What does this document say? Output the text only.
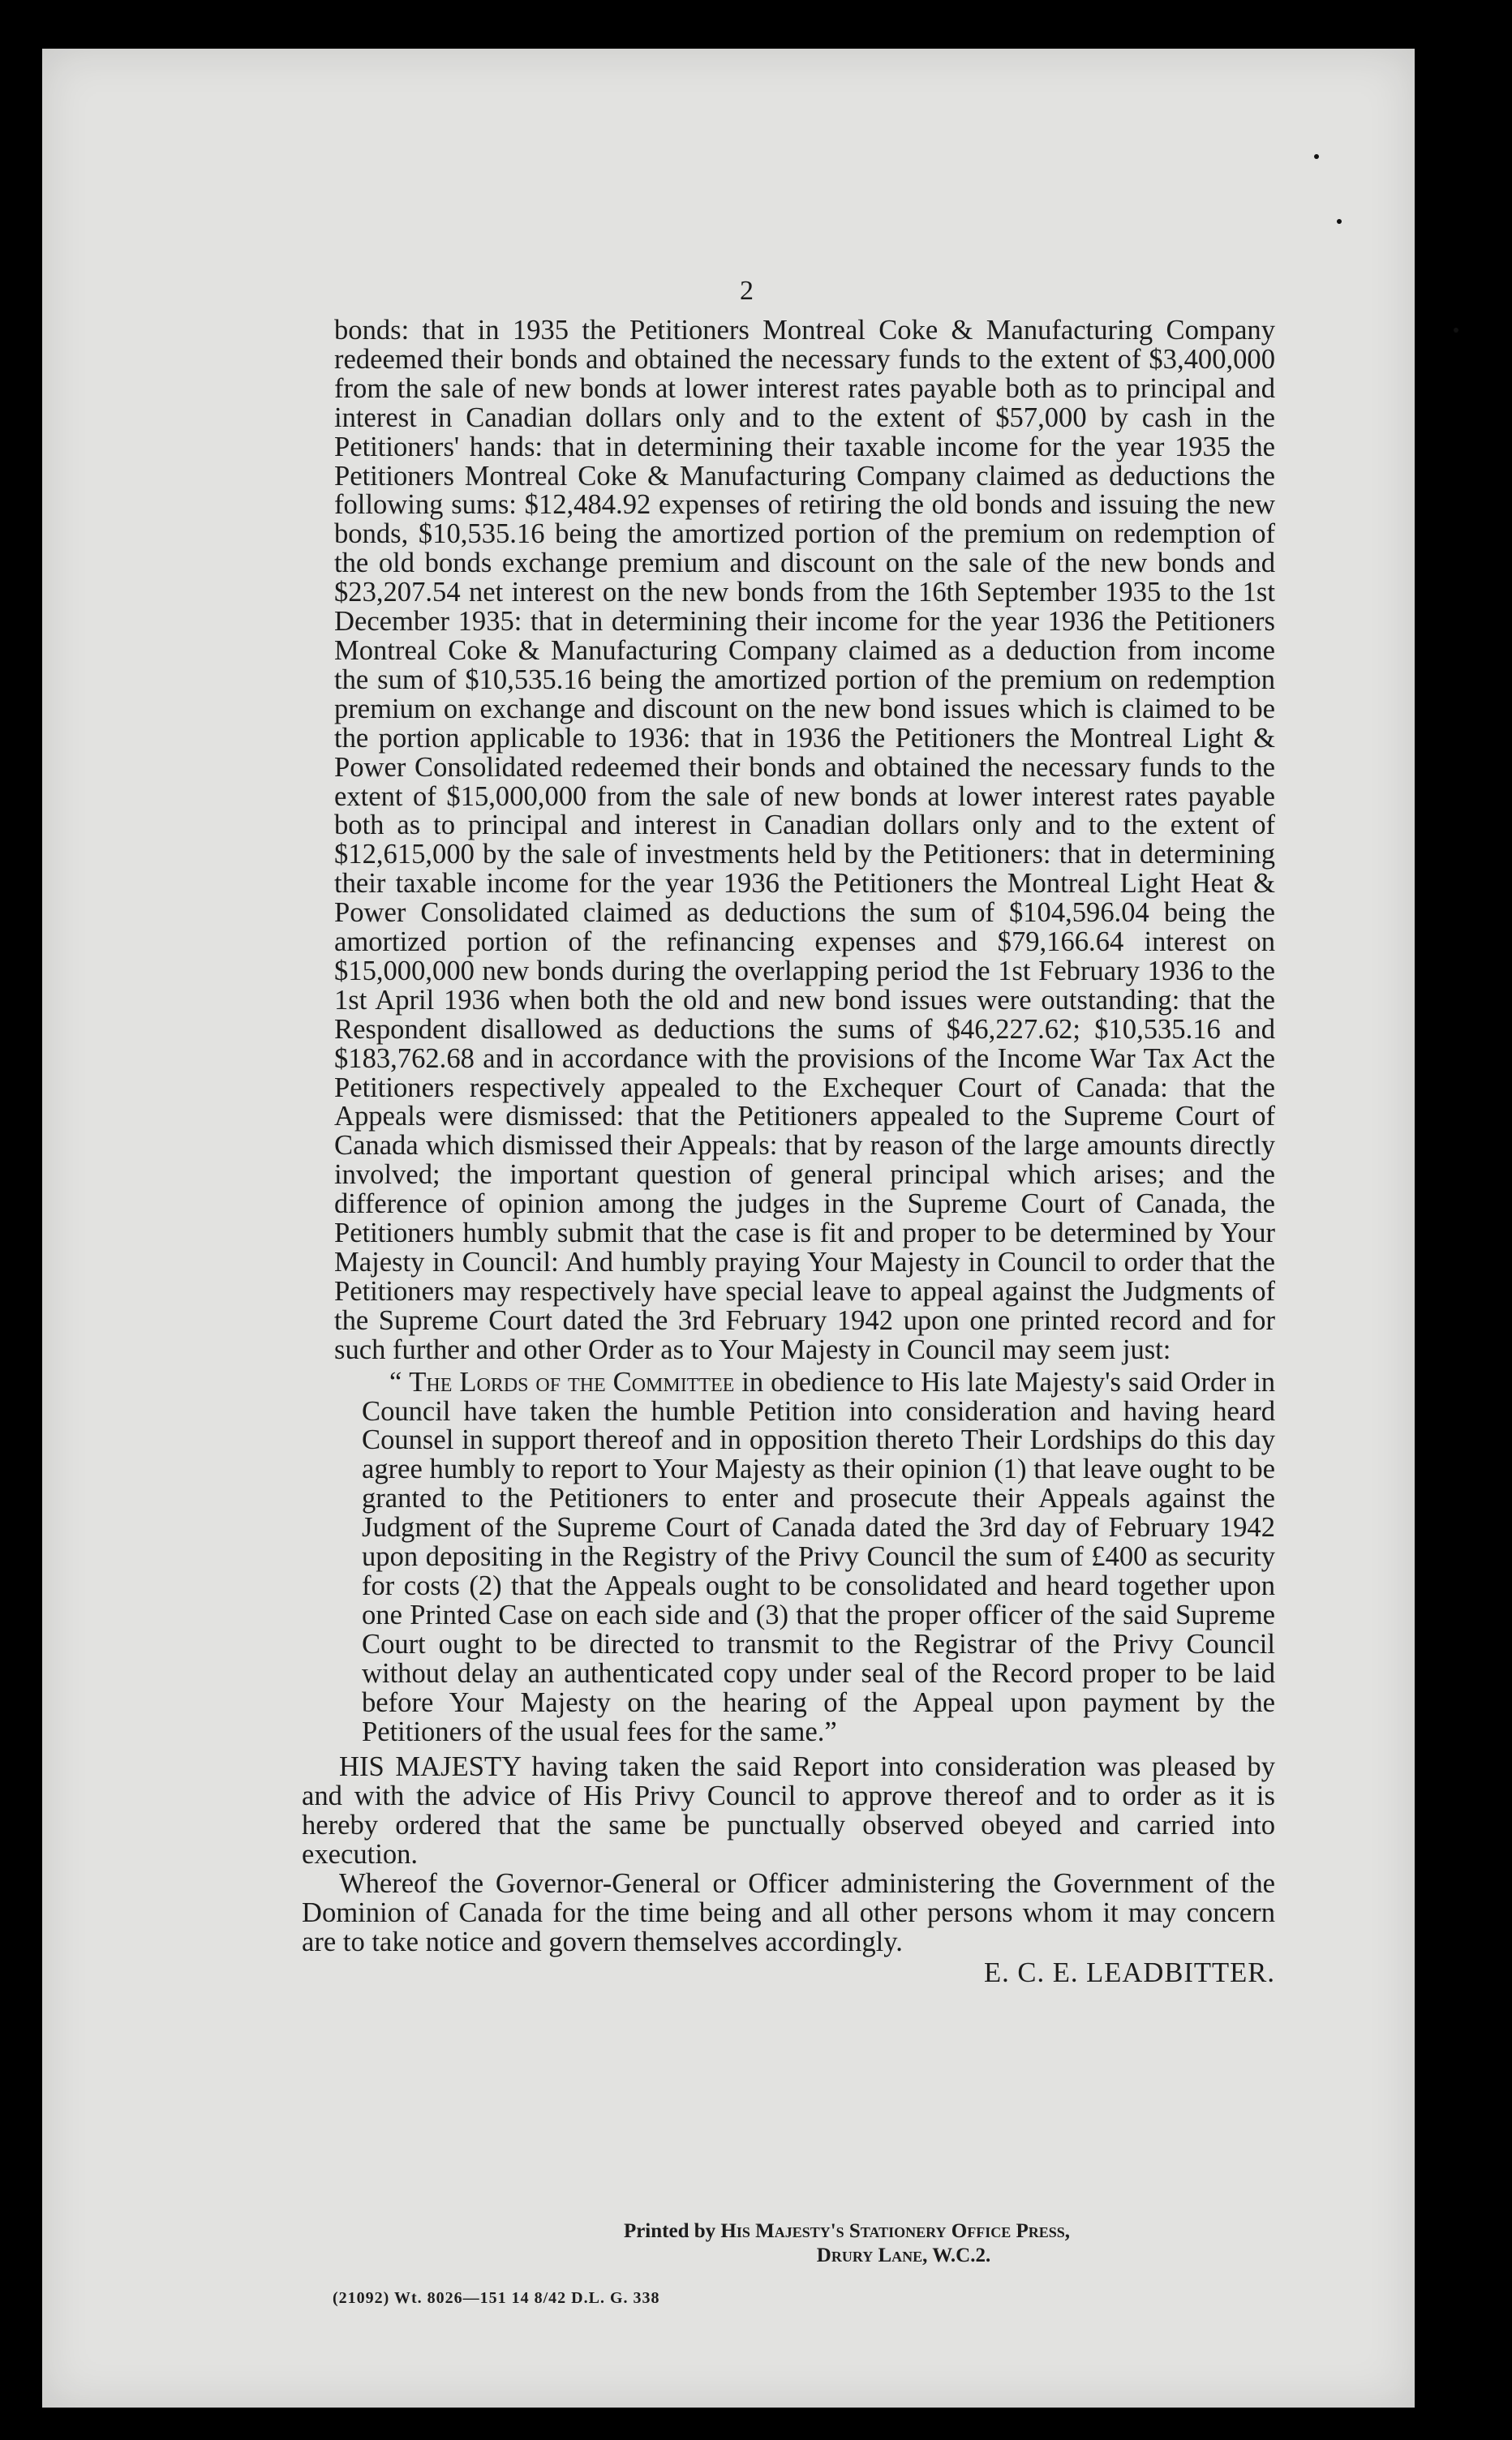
2

bonds: that in 1935 the Petitioners Montreal Coke & Manufacturing Company redeemed their bonds and obtained the necessary funds to the extent of $3,400,000 from the sale of new bonds at lower interest rates payable both as to principal and interest in Canadian dollars only and to the extent of $57,000 by cash in the Petitioners' hands: that in determining their taxable income for the year 1935 the Petitioners Montreal Coke & Manufacturing Company claimed as deductions the following sums: $12,484.92 expenses of retiring the old bonds and issuing the new bonds, $10,535.16 being the amortized portion of the premium on redemption of the old bonds exchange premium and discount on the sale of the new bonds and $23,207.54 net interest on the new bonds from the 16th September 1935 to the 1st December 1935: that in determining their income for the year 1936 the Petitioners Montreal Coke & Manufacturing Company claimed as a deduction from income the sum of $10,535.16 being the amortized portion of the premium on redemption premium on exchange and discount on the new bond issues which is claimed to be the portion applicable to 1936: that in 1936 the Petitioners the Montreal Light & Power Consolidated redeemed their bonds and obtained the necessary funds to the extent of $15,000,000 from the sale of new bonds at lower interest rates payable both as to principal and interest in Canadian dollars only and to the extent of $12,615,000 by the sale of investments held by the Petitioners: that in determining their taxable income for the year 1936 the Petitioners the Montreal Light Heat & Power Consolidated claimed as deductions the sum of $104,596.04 being the amortized portion of the refinancing expenses and $79,166.64 interest on $15,000,000 new bonds during the overlapping period the 1st February 1936 to the 1st April 1936 when both the old and new bond issues were outstanding: that the Respondent disallowed as deductions the sums of $46,227.62; $10,535.16 and $183,762.68 and in accordance with the provisions of the Income War Tax Act the Petitioners respectively appealed to the Exchequer Court of Canada: that the Appeals were dismissed: that the Petitioners appealed to the Supreme Court of Canada which dismissed their Appeals: that by reason of the large amounts directly involved; the important question of general principal which arises; and the difference of opinion among the judges in the Supreme Court of Canada, the Petitioners humbly submit that the case is fit and proper to be determined by Your Majesty in Council: And humbly praying Your Majesty in Council to order that the Petitioners may respectively have special leave to appeal against the Judgments of the Supreme Court dated the 3rd February 1942 upon one printed record and for such further and other Order as to Your Majesty in Council may seem just:

“ The Lords of the Committee in obedience to His late Majesty's said Order in Council have taken the humble Petition into consideration and having heard Counsel in support thereof and in opposition thereto Their Lordships do this day agree humbly to report to Your Majesty as their opinion (1) that leave ought to be granted to the Petitioners to enter and prosecute their Appeals against the Judgment of the Supreme Court of Canada dated the 3rd day of February 1942 upon depositing in the Registry of the Privy Council the sum of £400 as security for costs (2) that the Appeals ought to be consolidated and heard together upon one Printed Case on each side and (3) that the proper officer of the said Supreme Court ought to be directed to transmit to the Registrar of the Privy Council without delay an authenticated copy under seal of the Record proper to be laid before Your Majesty on the hearing of the Appeal upon payment by the Petitioners of the usual fees for the same.”

HIS MAJESTY having taken the said Report into consideration was pleased by and with the advice of His Privy Council to approve thereof and to order as it is hereby ordered that the same be punctually observed obeyed and carried into execution.

Whereof the Governor-General or Officer administering the Government of the Dominion of Canada for the time being and all other persons whom it may concern are to take notice and govern themselves accordingly.

E. C. E. LEADBITTER.
Printed by His Majesty's Stationery Office Press,
Drury Lane, W.C.2.
(21092) Wt. 8026—151 14 8/42 D.L. G. 338
